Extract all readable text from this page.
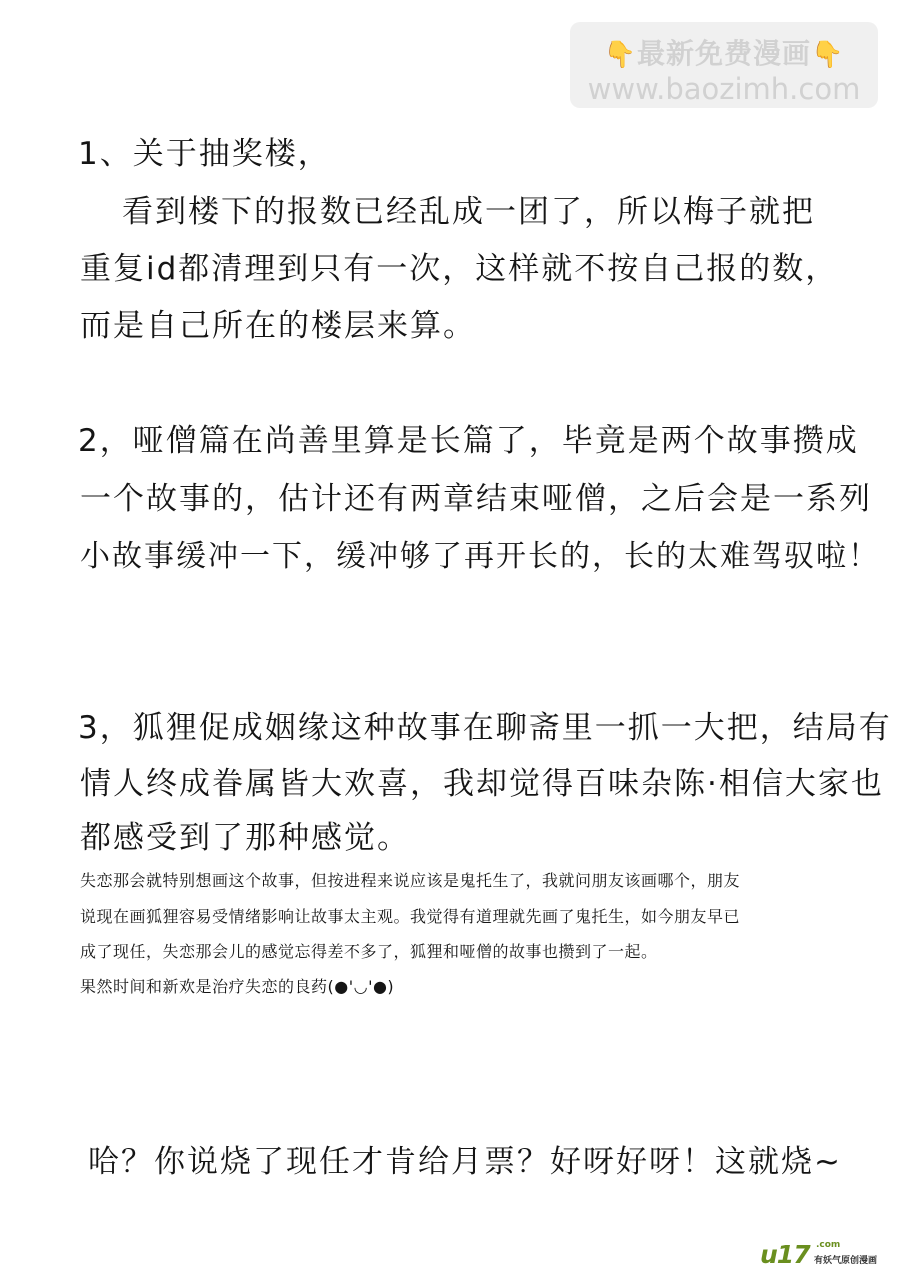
👇最新免费漫画👇
www.baozimh.com
1、关于抽奖楼，
看到楼下的报数已经乱成一团了，所以梅子就把
重复id都清理到只有一次，这样就不按自己报的数，
而是自己所在的楼层来算。
2，哑僧篇在尚善里算是长篇了，毕竟是两个故事攒成
一个故事的，估计还有两章结束哑僧，之后会是一系列
小故事缓冲一下，缓冲够了再开长的，长的太难驾驭啦！
3，狐狸促成姻缘这种故事在聊斋里一抓一大把，结局有
情人终成眷属皆大欢喜，我却觉得百味杂陈·相信大家也
都感受到了那种感觉。
失恋那会就特别想画这个故事，但按进程来说应该是鬼托生了，我就问朋友该画哪个，朋友
说现在画狐狸容易受情绪影响让故事太主观。我觉得有道理就先画了鬼托生，如今朋友早已
成了现任，失恋那会儿的感觉忘得差不多了，狐狸和哑僧的故事也攒到了一起。
果然时间和新欢是治疗失恋的良药(●'◡'●)
哈？你说烧了现任才肯给月票？好呀好呀！这就烧~
u17 .com
有妖气原创漫画
